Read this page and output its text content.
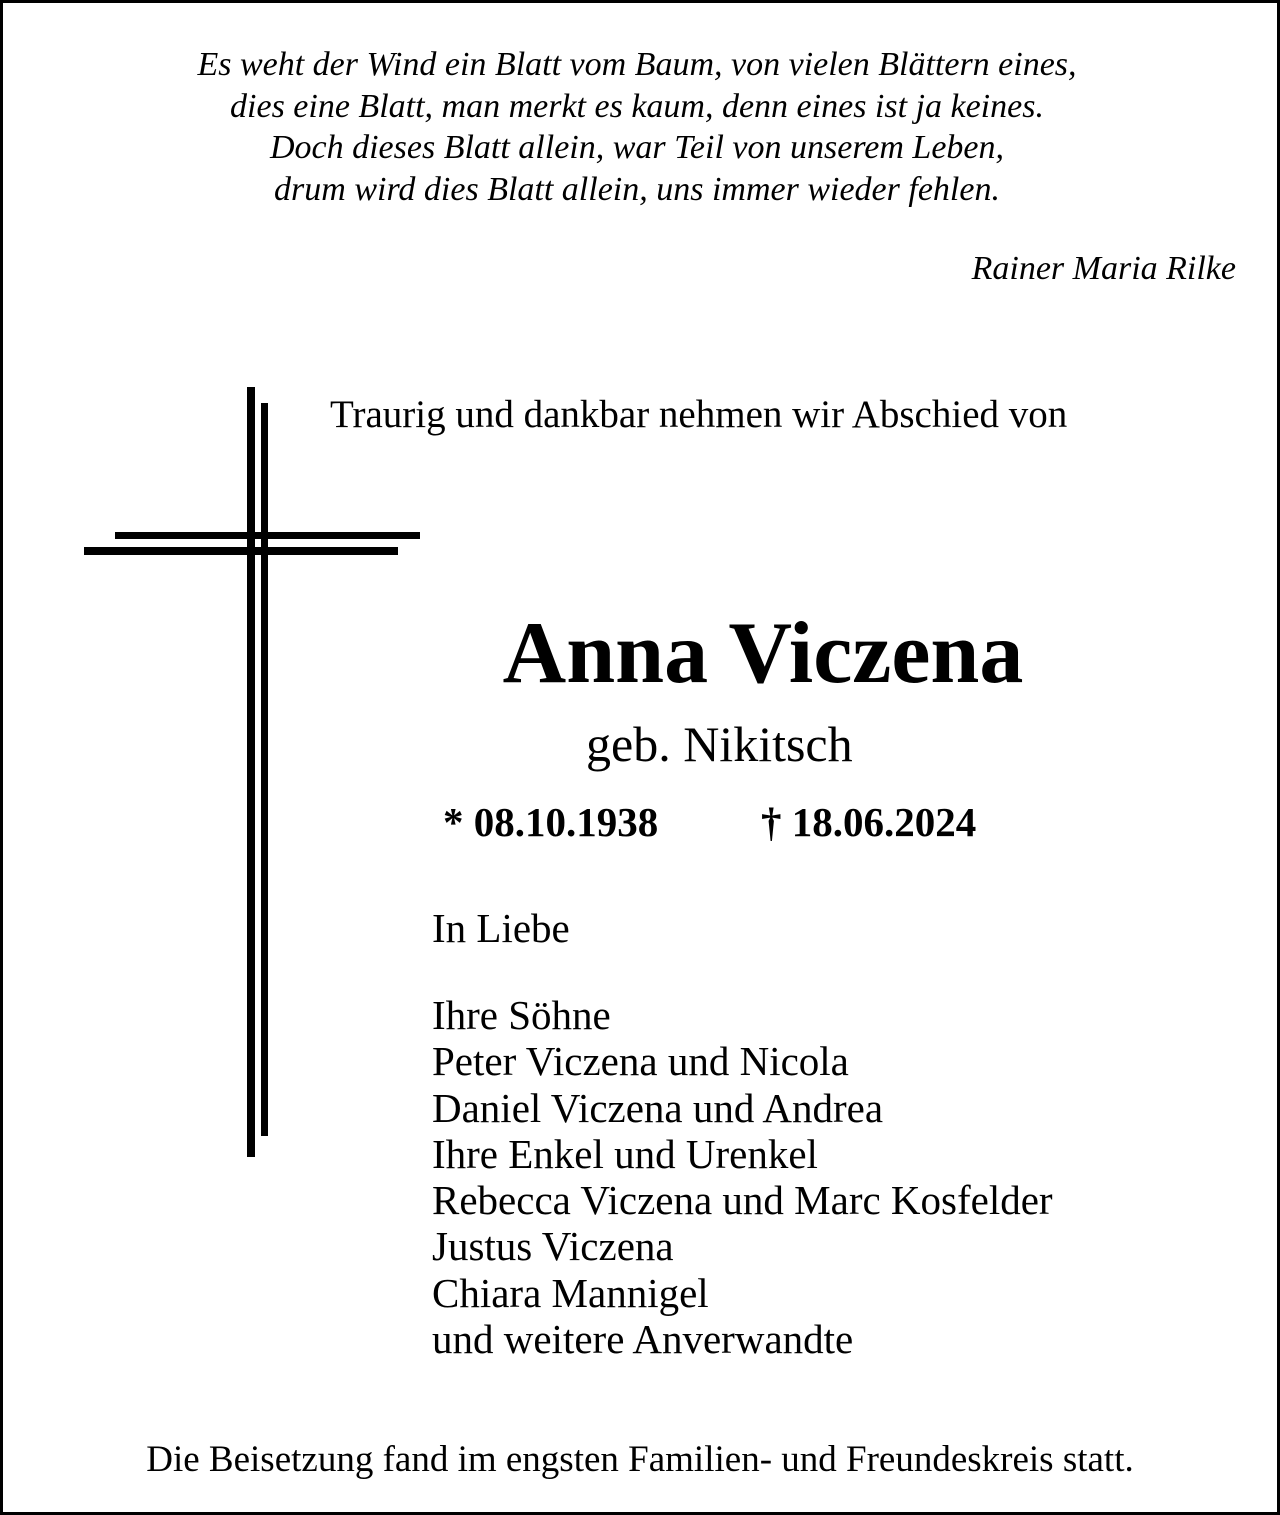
Es weht der Wind ein Blatt vom Baum, von vielen Blättern eines,
dies eine Blatt, man merkt es kaum, denn eines ist ja keines.
Doch dieses Blatt allein, war Teil von unserem Leben,
drum wird dies Blatt allein, uns immer wieder fehlen.
Rainer Maria Rilke
Traurig und dankbar nehmen wir Abschied von
Anna Viczena
geb. Nikitsch
* 08.10.1938	† 18.06.2024
In Liebe
Ihre Söhne
Peter Viczena und Nicola
Daniel Viczena und Andrea
Ihre Enkel und Urenkel
Rebecca Viczena und Marc Kosfelder
Justus Viczena
Chiara Mannigel
und weitere Anverwandte
Die Beisetzung fand im engsten Familien- und Freundeskreis statt.
